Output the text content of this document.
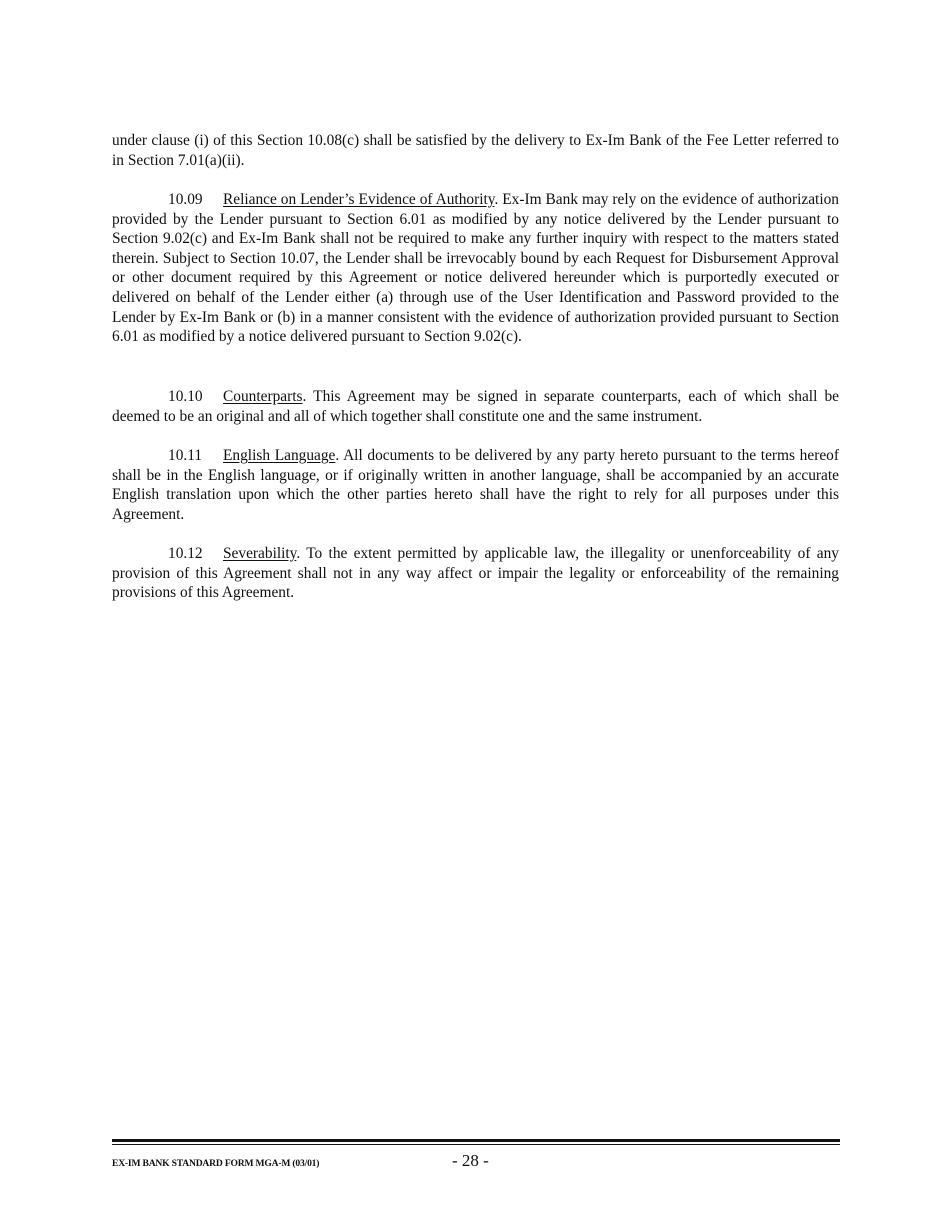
under clause (i) of this Section 10.08(c) shall be satisfied by the delivery to Ex-Im Bank of the Fee Letter referred to in Section 7.01(a)(ii).

10.09 Reliance on Lender’s Evidence of Authority. Ex-Im Bank may rely on the evidence of authorization provided by the Lender pursuant to Section 6.01 as modified by any notice delivered by the Lender pursuant to Section 9.02(c) and Ex-Im Bank shall not be required to make any further inquiry with respect to the matters stated therein. Subject to Section 10.07, the Lender shall be irrevocably bound by each Request for Disbursement Approval or other document required by this Agreement or notice delivered hereunder which is purportedly executed or delivered on behalf of the Lender either (a) through use of the User Identification and Password provided to the Lender by Ex-Im Bank or (b) in a manner consistent with the evidence of authorization provided pursuant to Section 6.01 as modified by a notice delivered pursuant to Section 9.02(c).

10.10 Counterparts. This Agreement may be signed in separate counterparts, each of which shall be deemed to be an original and all of which together shall constitute one and the same instrument.

10.11 English Language. All documents to be delivered by any party hereto pursuant to the terms hereof shall be in the English language, or if originally written in another language, shall be accompanied by an accurate English translation upon which the other parties hereto shall have the right to rely for all purposes under this Agreement.

10.12 Severability. To the extent permitted by applicable law, the illegality or unenforceability of any provision of this Agreement shall not in any way affect or impair the legality or enforceability of the remaining provisions of this Agreement.

EX-IM BANK STANDARD FORM MGA-M (03/01)	- 28 -
